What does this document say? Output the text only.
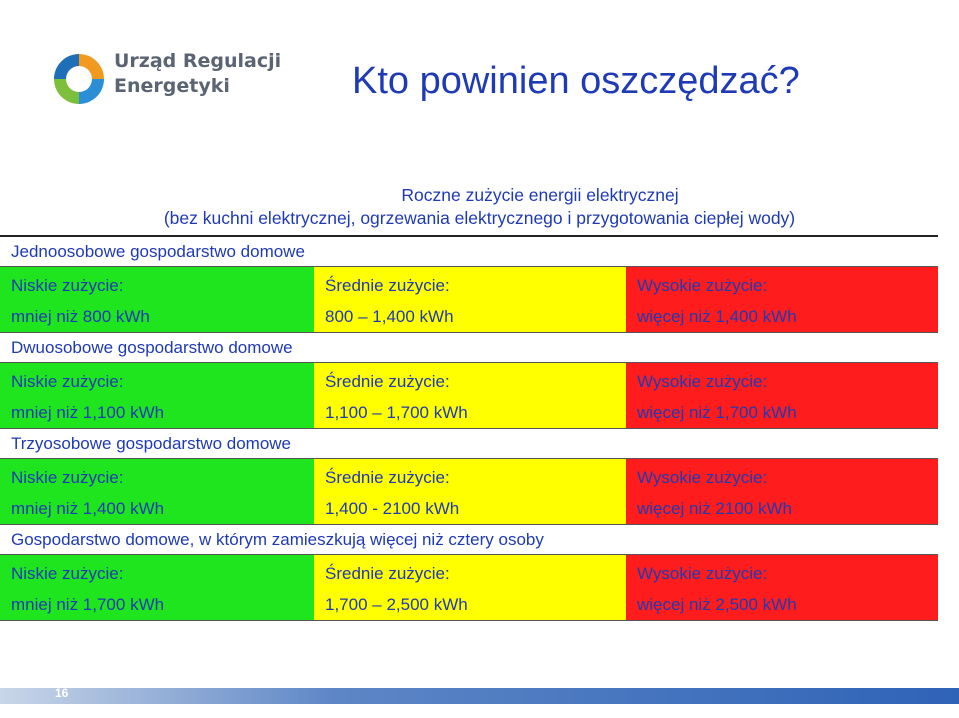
Urząd Regulacji
Energetyki	Kto powinien oszczędzać?
Roczne zużycie energii elektrycznej
(bez kuchni elektrycznej, ogrzewania elektrycznego i przygotowania ciepłej wody)
Jednoosobowe gospodarstwo domowe
Niskie zużycie:
mniej niż 800 kWh
Średnie zużycie:
800 – 1,400 kWh
Wysokie zużycie:
więcej niż 1,400 kWh
Dwuosobowe gospodarstwo domowe
Niskie zużycie:
mniej niż 1,100 kWh
Średnie zużycie:
1,100 – 1,700 kWh
Wysokie zużycie:
więcej niż 1,700 kWh
Trzyosobowe gospodarstwo domowe
Niskie zużycie:
mniej niż 1,400 kWh
Średnie zużycie:
1,400 - 2100 kWh
Wysokie zużycie:
więcej niż 2100 kWh
Gospodarstwo domowe, w którym zamieszkują więcej niż cztery osoby
Niskie zużycie:
mniej niż 1,700 kWh
Średnie zużycie:
1,700 – 2,500 kWh
Wysokie zużycie:
więcej niż 2,500 kWh
16
